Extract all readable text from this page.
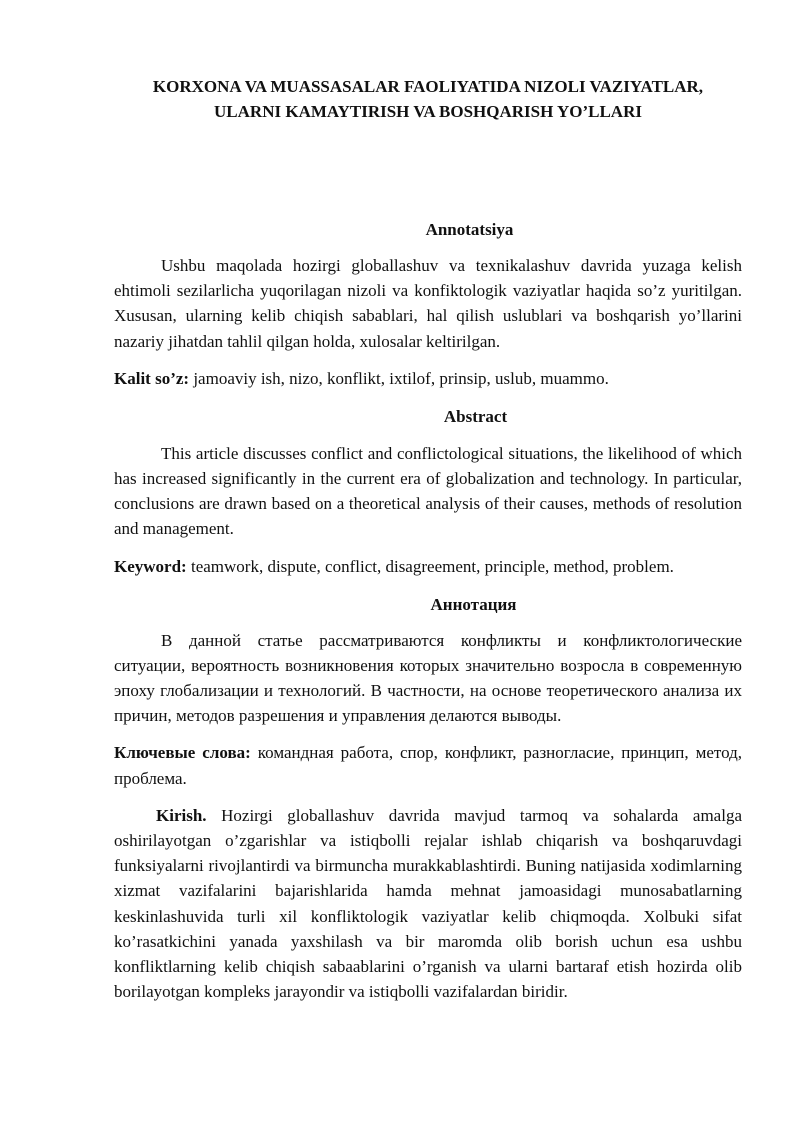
KORXONA VA MUASSASALAR FAOLIYATIDA NIZOLI VAZIYATLAR,

ULARNI KAMAYTIRISH VA BOSHQARISH YO’LLARI

Annotatsiya

Ushbu maqolada hozirgi globallashuv va texnikalashuv davrida yuzaga kelish ehtimoli sezilarlicha yuqorilagan nizoli va konfiktologik vaziyatlar haqida so’z yuritilgan. Xususan, ularning kelib chiqish sabablari, hal qilish uslublari va boshqarish yo’llarini nazariy jihatdan tahlil qilgan holda, xulosalar keltirilgan.

Kalit so’z: jamoaviy ish, nizo, konflikt, ixtilof, prinsip, uslub, muammo.

Abstract

This article discusses conflict and conflictological situations, the likelihood of which has increased significantly in the current era of globalization and technology. In particular, conclusions are drawn based on a theoretical analysis of their causes, methods of resolution and management.

Keyword: teamwork, dispute, conflict, disagreement, principle, method, problem.

Аннотация

В данной статье рассматриваются конфликты и конфликтологические ситуации, вероятность возникновения которых значительно возросла в современную эпоху глобализации и технологий. В частности, на основе теоретического анализа их причин, методов разрешения и управления делаются выводы.

Ключевые слова: командная работа, спор, конфликт, разногласие, принцип, метод, проблема.

Kirish. Hozirgi globallashuv davrida mavjud tarmoq va sohalarda amalga oshirilayotgan o’zgarishlar va istiqbolli rejalar ishlab chiqarish va boshqaruvdagi funksiyalarni rivojlantirdi va birmuncha murakkablashtirdi. Buning natijasida xodimlarning xizmat vazifalarini bajarishlarida hamda mehnat jamoasidagi munosabatlarning keskinlashuvida turli xil konfliktologik vaziyatlar kelib chiqmoqda. Xolbuki sifat ko’rasatkichini yanada yaxshilash va bir maromda olib borish uchun esa ushbu konfliktlarning kelib chiqish sabaablarini o’rganish va ularni bartaraf etish hozirda olib borilayotgan kompleks jarayondir va istiqbolli vazifalardan biridir.
